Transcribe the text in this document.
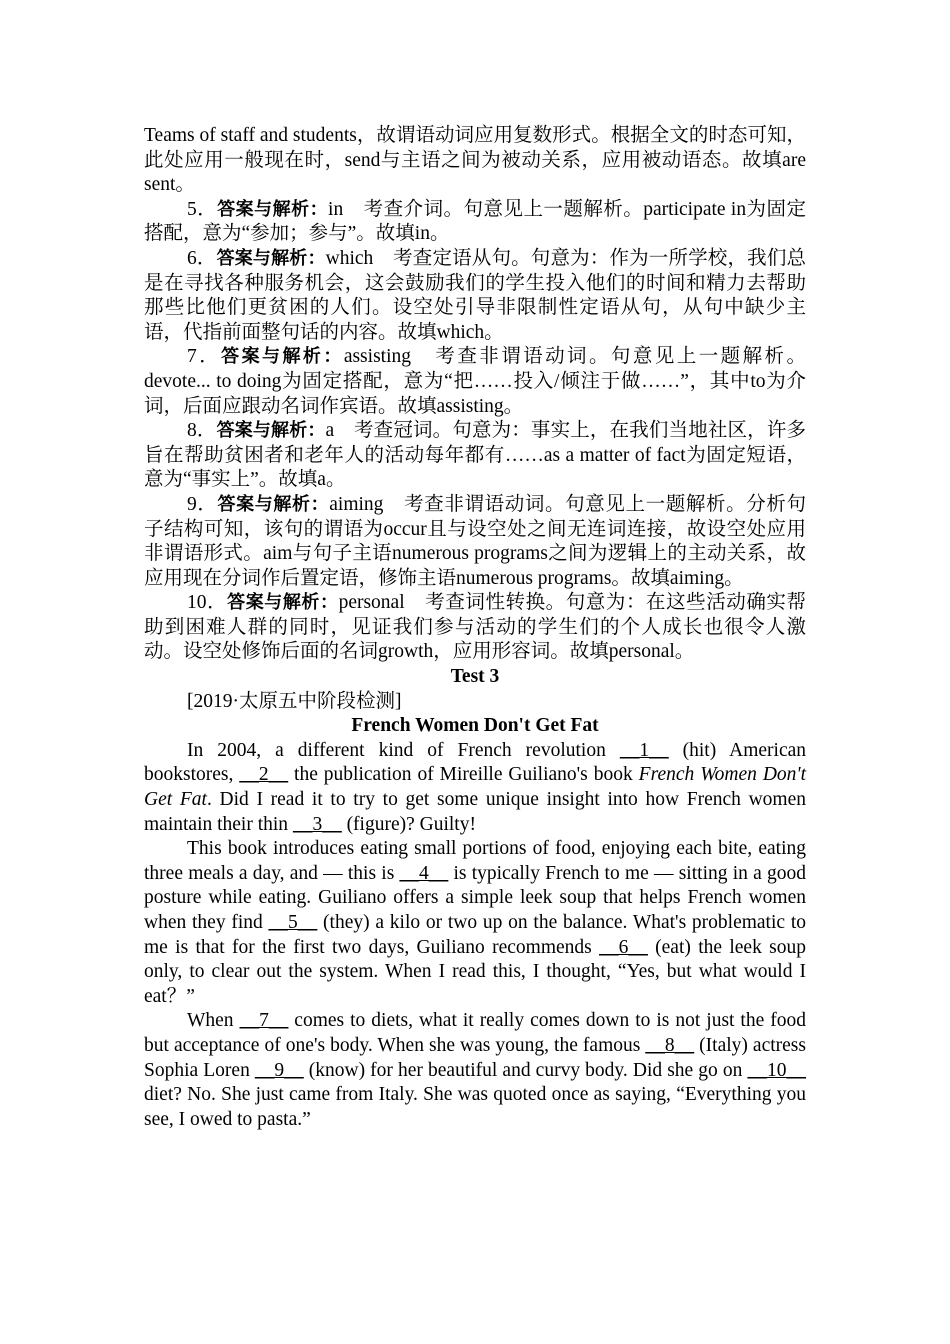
Teams of staff and students，故谓语动词应用复数形式。根据全文的时态可知，此处应用一般现在时，send与主语之间为被动关系，应用被动语态。故填are sent。

5．答案与解析：in　考查介词。句意见上一题解析。participate in为固定搭配，意为“参加；参与”。故填in。

6．答案与解析：which　考查定语从句。句意为：作为一所学校，我们总是在寻找各种服务机会，这会鼓励我们的学生投入他们的时间和精力去帮助那些比他们更贫困的人们。设空处引导非限制性定语从句，从句中缺少主语，代指前面整句话的内容。故填which。

7．答案与解析：assisting　考查非谓语动词。句意见上一题解析。devote... to doing为固定搭配，意为“把……投入/倾注于做……”，其中to为介词，后面应跟动名词作宾语。故填assisting。

8．答案与解析：a　考查冠词。句意为：事实上，在我们当地社区，许多旨在帮助贫困者和老年人的活动每年都有……as a matter of fact为固定短语，意为“事实上”。故填a。

9．答案与解析：aiming　考查非谓语动词。句意见上一题解析。分析句子结构可知，该句的谓语为occur且与设空处之间无连词连接，故设空处应用非谓语形式。aim与句子主语numerous programs之间为逻辑上的主动关系，故应用现在分词作后置定语，修饰主语numerous programs。故填aiming。

10．答案与解析：personal　考查词性转换。句意为：在这些活动确实帮助到困难人群的同时，见证我们参与活动的学生们的个人成长也很令人激动。设空处修饰后面的名词growth，应用形容词。故填personal。

Test 3

[2019·太原五中阶段检测]

French Women Don't Get Fat

In 2004, a different kind of French revolution __1__ (hit) American bookstores, __2__ the publication of Mireille Guiliano's book French Women Don't Get Fat. Did I read it to try to get some unique insight into how French women maintain their thin __3__ (figure)? Guilty!

This book introduces eating small portions of food, enjoying each bite, eating three meals a day, and — this is __4__ is typically French to me — sitting in a good posture while eating. Guiliano offers a simple leek soup that helps French women when they find __5__ (they) a kilo or two up on the balance. What's problematic to me is that for the first two days, Guiliano recommends __6__ (eat) the leek soup only, to clear out the system. When I read this, I thought, “Yes, but what would I eat？”

When __7__ comes to diets, what it really comes down to is not just the food but acceptance of one's body. When she was young, the famous __8__ (Italy) actress Sophia Loren __9__ (know) for her beautiful and curvy body. Did she go on __10__ diet? No. She just came from Italy. She was quoted once as saying, “Everything you see, I owed to pasta.”
